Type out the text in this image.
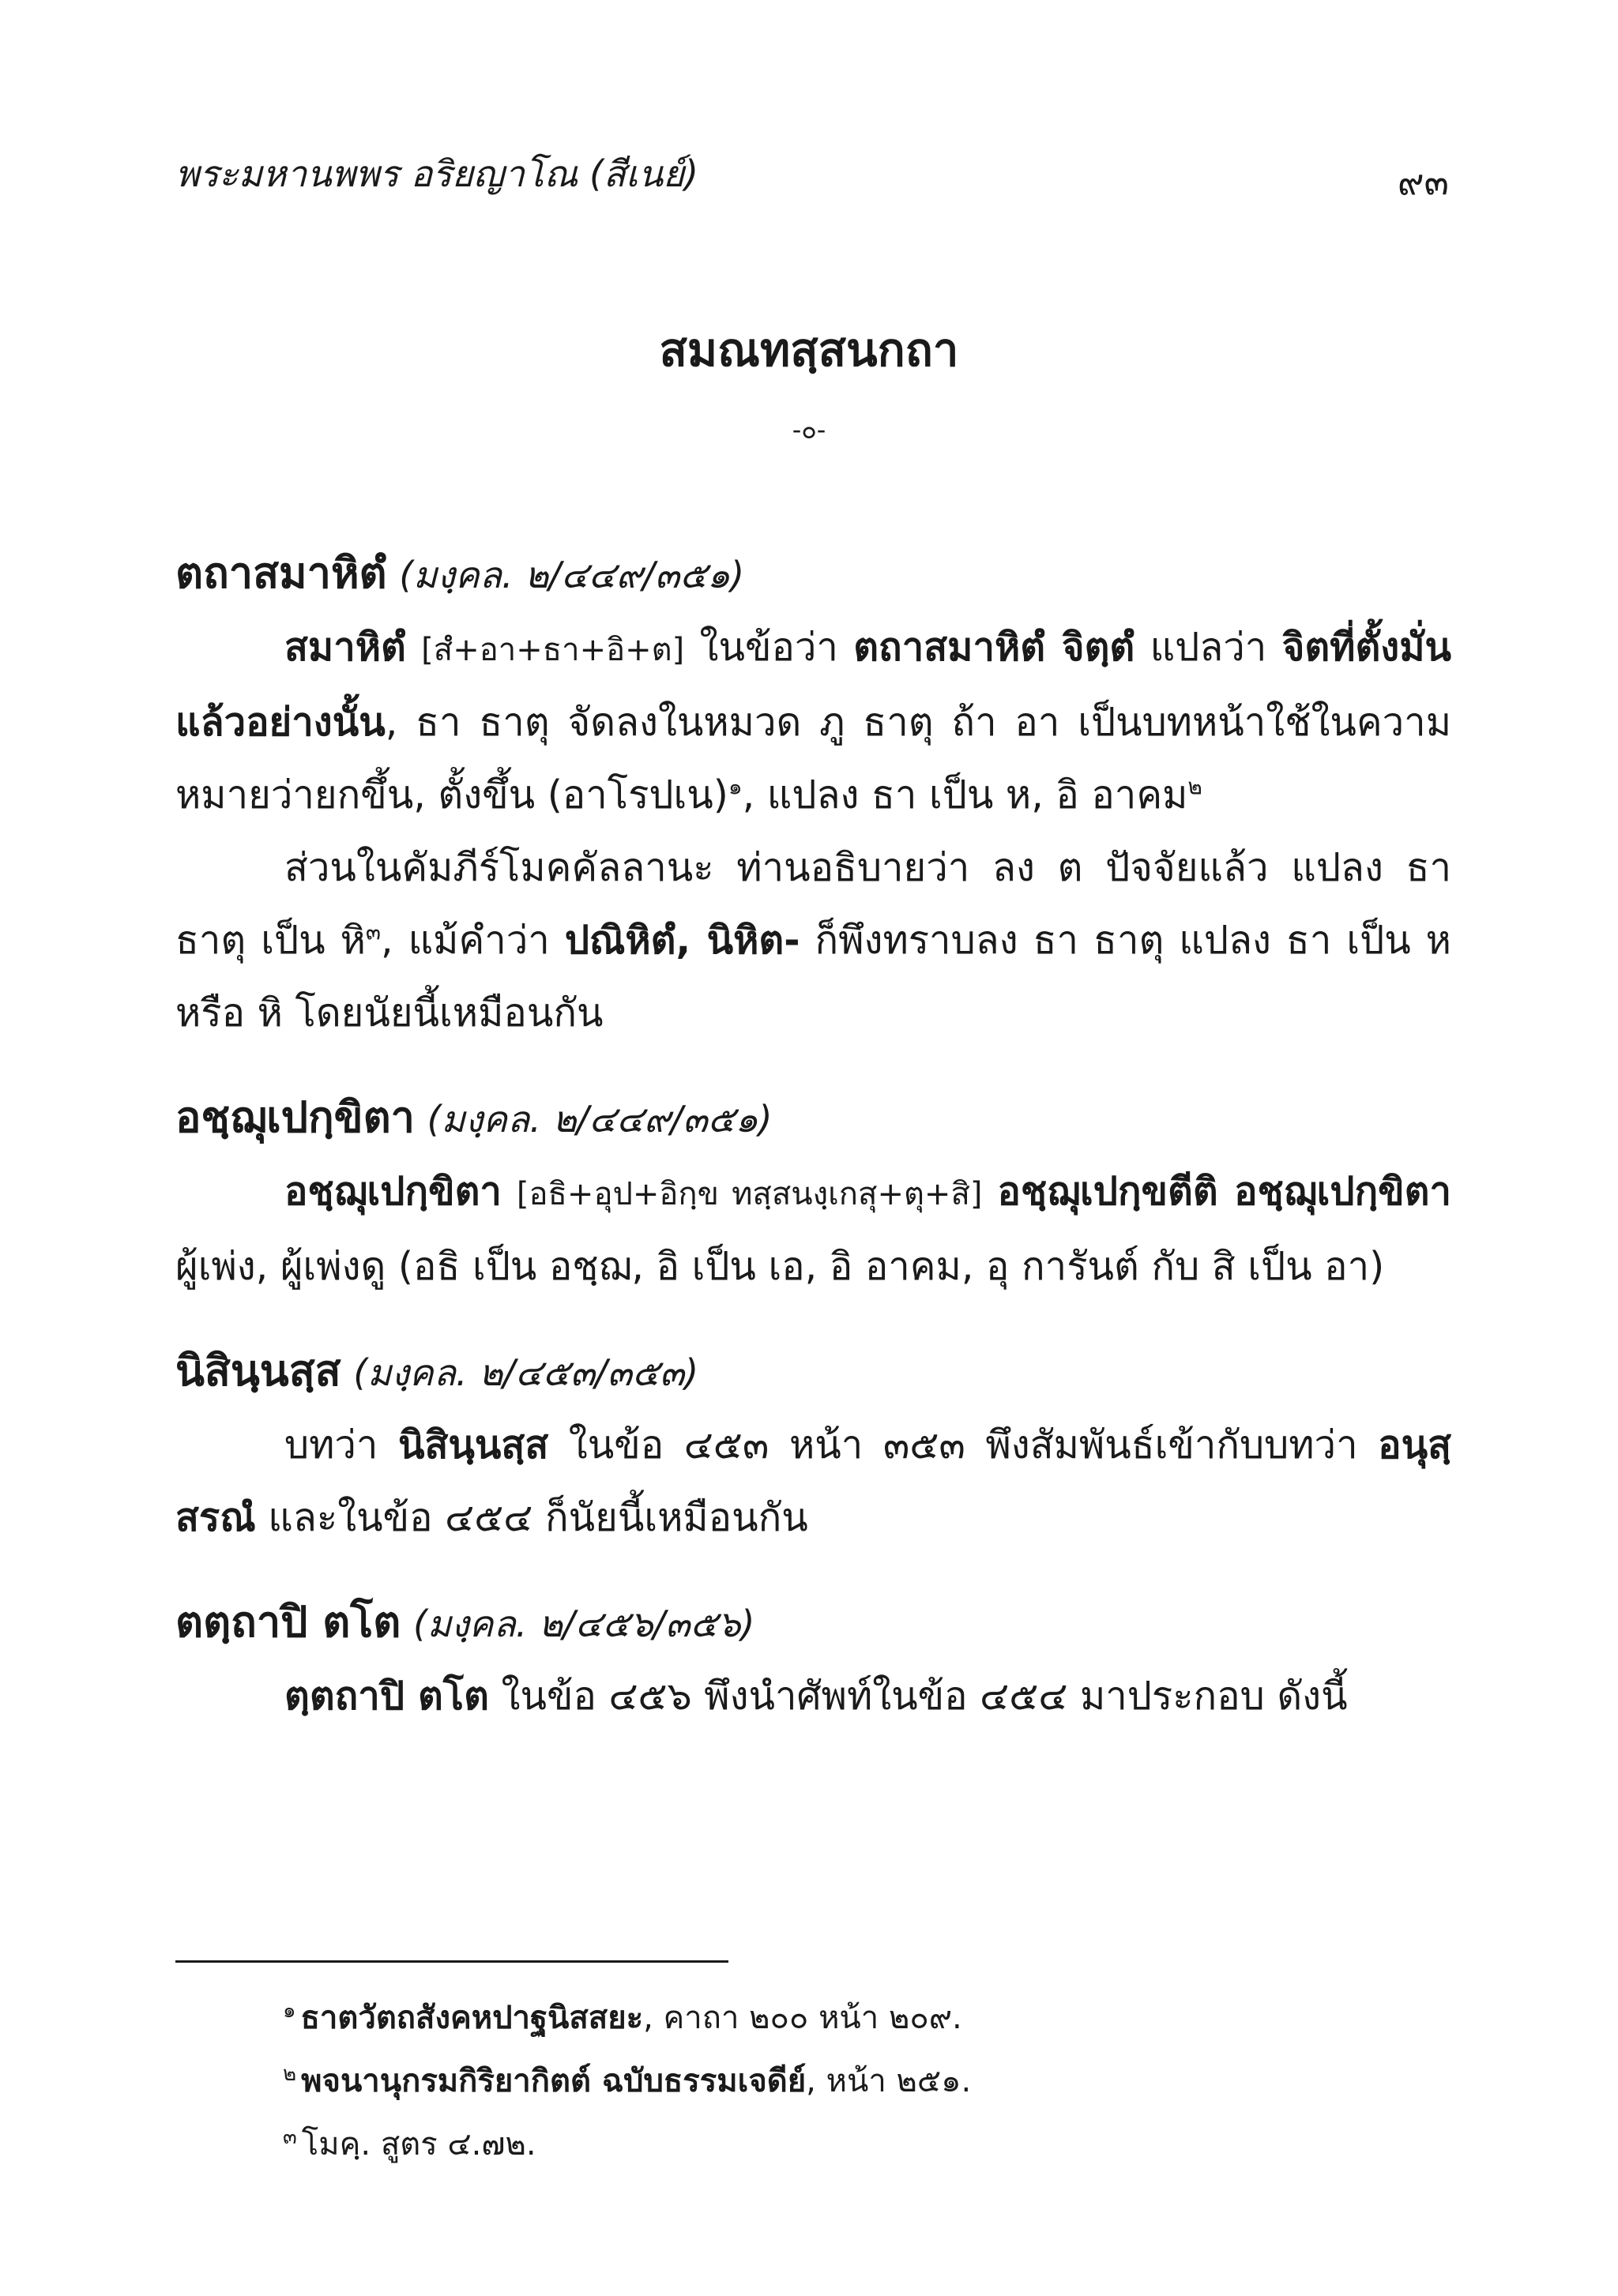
พระมหานพพร อริยญาโณ (สีเนย์)	๙๓
สมณทสฺสนกถา
-๐-

ตถาสมาหิตํ (มงฺคล. ๒/๔๔๙/๓๕๑)

สมาหิตํ [สํ+อา+ธา+อิ+ต] ในข้อว่า ตถาสมาหิตํ จิตฺตํ แปลว่า จิตที่ตั้งมั่นแล้วอย่างนั้น, ธา ธาตุ จัดลงในหมวด ภู ธาตุ ถ้า อา เป็นบทหน้าใช้ในความหมายว่ายกขึ้น, ตั้งขึ้น (อาโรปเน)$^๑$, แปลง ธา เป็น ห, อิ อาคม$^๒$

ส่วนในคัมภีร์โมคคัลลานะ ท่านอธิบายว่า ลง ต ปัจจัยแล้ว แปลง ธา ธาตุ เป็น หิ$^๓$, แม้คำว่า ปณิหิตํ, นิหิต- ก็พึงทราบลง ธา ธาตุ แปลง ธา เป็น ห หรือ หิ โดยนัยนี้เหมือนกัน

อชฺฌุเปกฺขิตา (มงฺคล. ๒/๔๔๙/๓๕๑)

อชฺฌุเปกฺขิตา [อธิ+อุป+อิกฺข ทสฺสนงฺเกสุ+ตุ+สิ] อชฺฌุเปกฺขตีติ อชฺฌุเปกฺขิตา ผู้เพ่ง, ผู้เพ่งดู (อธิ เป็น อชฺฌ, อิ เป็น เอ, อิ อาคม, อุ การันต์ กับ สิ เป็น อา)

นิสินฺนสฺส (มงฺคล. ๒/๔๕๓/๓๕๓)

บทว่า นิสินฺนสฺส ในข้อ ๔๕๓ หน้า ๓๕๓ พึงสัมพันธ์เข้ากับบทว่า อนุสฺสรณํ และในข้อ ๔๕๔ ก็นัยนี้เหมือนกัน

ตตฺถาปิ ตโต (มงฺคล. ๒/๔๕๖/๓๕๖)

ตฺตถาปิ ตโต ในข้อ ๔๕๖ พึงนำศัพท์ในข้อ ๔๕๔ มาประกอบ ดังนี้

$^๑$ ธาตวัตถสังคหปาฐนิสสยะ, คาถา ๒๐๐ หน้า ๒๐๙.

$^๒$ พจนานุกรมกิริยากิตต์ ฉบับธรรมเจดีย์, หน้า ๒๕๑.

$^๓$ โมคฺ. สูตร ๔.๗๒.
